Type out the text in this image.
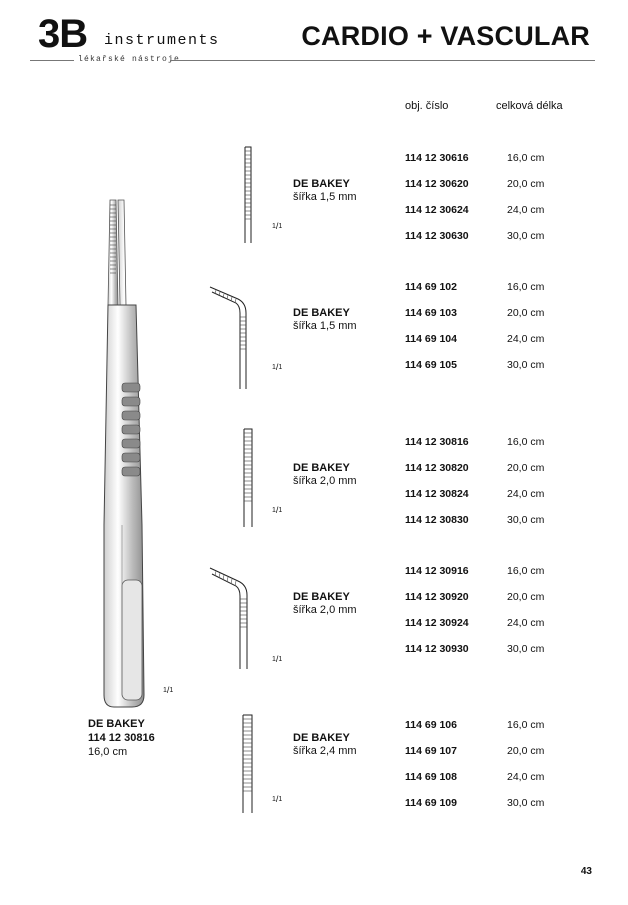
3B instruments
lékařské nástroje
CARDIO + VASCULAR
obj. číslo	celková délka
$^1$/1
DE BAKEY
114 12 30816
16,0 cm
$^1$/1
DE BAKEY
šířka 1,5 mm
114 12 30616	16,0 cm
114 12 30620	20,0 cm
114 12 30624	24,0 cm
114 12 30630	30,0 cm
$^1$/1
DE BAKEY
šířka 1,5 mm
114 69 102	16,0 cm
114 69 103	20,0 cm
114 69 104	24,0 cm
114 69 105	30,0 cm
$^1$/1
DE BAKEY
šířka 2,0 mm
114 12 30816	16,0 cm
114 12 30820	20,0 cm
114 12 30824	24,0 cm
114 12 30830	30,0 cm
$^1$/1
DE BAKEY
šířka 2,0 mm
114 12 30916	16,0 cm
114 12 30920	20,0 cm
114 12 30924	24,0 cm
114 12 30930	30,0 cm
$^1$/1
DE BAKEY
šířka 2,4 mm
114 69 106	16,0 cm
114 69 107	20,0 cm
114 69 108	24,0 cm
114 69 109	30,0 cm
43
